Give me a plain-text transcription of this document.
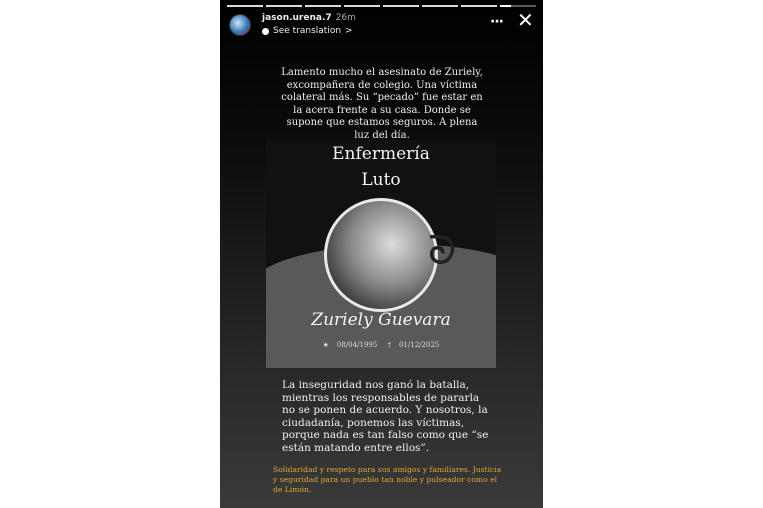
jason.urena.7 26m
See translation >
··· ✕
Lamento mucho el asesinato de Zuriely, excompañera de colegio. Una víctima colateral más. Su “pecado” fue estar en la acera frente a su casa. Donde se supone que estamos seguros. A plena luz del día.
Enfermería
Luto
ᘐ
Zuriely Guevara
★ 08/04/1995 † 01/12/2025
La inseguridad nos ganó la batalla, mientras los responsables de pararla no se ponen de acuerdo. Y nosotros, la ciudadanía, ponemos las víctimas, porque nada es tan falso como que “se están matando entre ellos”.
Solidaridad y respeto para sus amigos y familiares. Justicia y seguridad para un pueblo tan noble y pulseador como el de Limón.
